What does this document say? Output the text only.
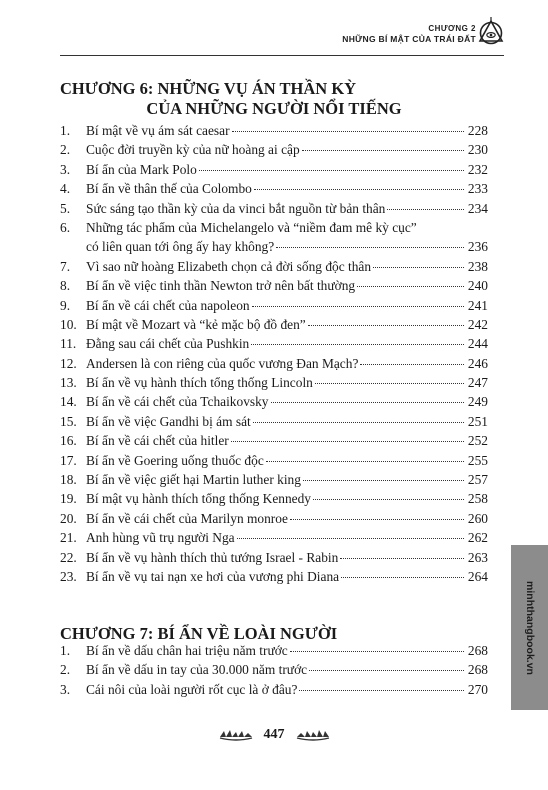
CHƯƠNG 2
NHỮNG BÍ MẬT CỦA TRÁI ĐẤT
CHƯƠNG 6: NHỮNG VỤ ÁN THẦN KỲ
CỦA NHỮNG NGƯỜI NỔI TIẾNG
1.	Bí mật về vụ ám sát caesar	228
2.	Cuộc đời truyền kỳ của nữ hoàng ai cập	230
3.	Bí ẩn của Mark Polo	232
4.	Bí ẩn về thân thế của Colombo	233
5.	Sức sáng tạo thần kỳ của da vinci bắt nguồn từ bản thân	234
6.	Những tác phẩm của Michelangelo và “niềm đam mê kỳ cục”
có liên quan tới ông ấy hay không?	236
7.	Vì sao nữ hoàng Elizabeth chọn cả đời sống độc thân	238
8.	Bí ẩn về việc tinh thần Newton trở nên bất thường	240
9.	Bí ẩn về cái chết của napoleon	241
10. Bí mật về Mozart và “kẻ mặc bộ đồ đen”	242
11. Đằng sau cái chết của Pushkin	244
12. Andersen là con riêng của quốc vương Đan Mạch?	246
13. Bí ẩn về vụ hành thích tổng thống Lincoln	247
14. Bí ẩn về cái chết của Tchaikovsky	249
15. Bí ẩn về việc Gandhi bị ám sát	251
16. Bí ẩn về cái chết của hitler	252
17. Bí ẩn về Goering uống thuốc độc	255
18. Bí ẩn về việc giết hại Martin luther king	257
19. Bí mật vụ hành thích tổng thống Kennedy	258
20. Bí ẩn về cái chết của Marilyn monroe	260
21. Anh hùng vũ trụ người Nga	262
22. Bí ẩn về vụ hành thích thủ tướng Israel - Rabin	263
23. Bí ẩn về vụ tai nạn xe hơi của vương phi Diana	264
CHƯƠNG 7: BÍ ẨN VỀ LOÀI NGƯỜI
1.	Bí ẩn về dấu chân hai triệu năm trước	268
2.	Bí ẩn về dấu in tay của 30.000 năm trước	268
3.	Cái nôi của loài người rốt cục là ở đâu?	270
447
minhthangbook.vn
